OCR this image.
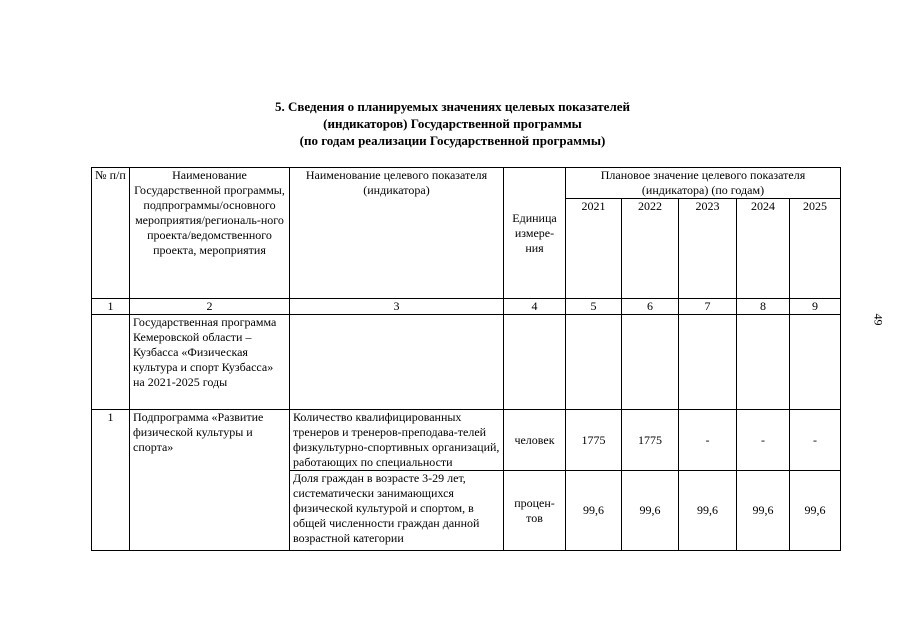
5. Сведения о планируемых значениях целевых показателей
(индикаторов) Государственной программы
(по годам реализации Государственной программы)
49
№ п/п	Наименование Государственной программы, подпрограммы/основного мероприятия/региональ-ного проекта/ведомственного проекта, мероприятия	Наименование целевого показателя (индикатора)	Единица измере-ния	Плановое значение целевого показателя (индикатора) (по годам)				
				2021	2022	2023	2024	2025
1	2	3	4	5	6	7	8	9
	Государственная программа Кемеровской области – Кузбасса «Физическая культура и спорт Кузбасса» на 2021-2025 годы							
1	Подпрограмма «Развитие физической культуры и спорта»	Количество квалифицированных тренеров и тренеров-преподава-телей физкультурно-спортивных организаций, работающих по специальности	человек	1775	1775	-	-	-
		Доля граждан в возрасте 3-29 лет, систематически занимающихся физической культурой и спортом, в общей численности граждан данной возрастной категории	процен-тов	99,6	99,6	99,6	99,6	99,6
